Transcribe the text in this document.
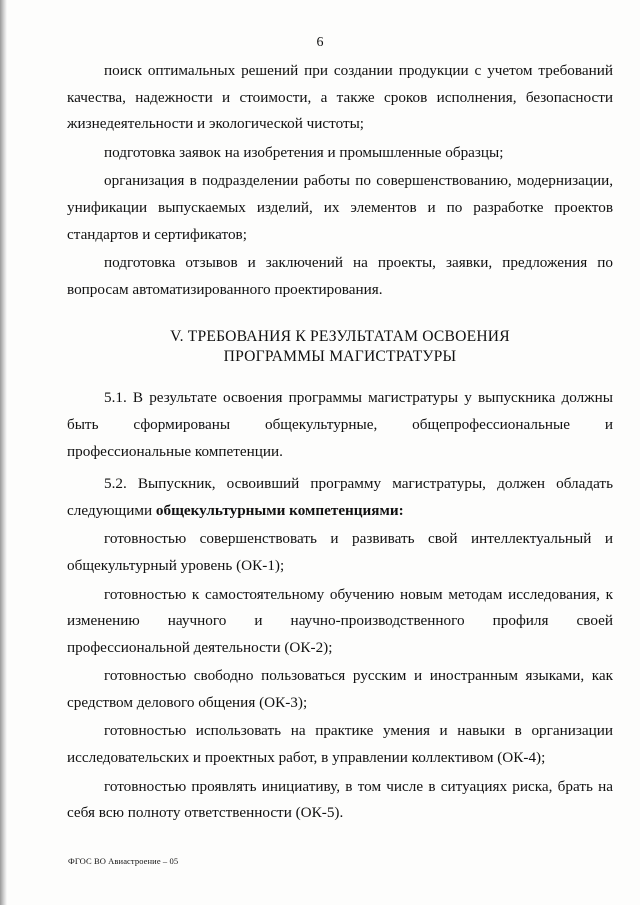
6

поиск оптимальных решений при создании продукции с учетом требований качества, надежности и стоимости, а также сроков исполнения, безопасности жизнедеятельности и экологической чистоты;

подготовка заявок на изобретения и промышленные образцы;

организация в подразделении работы по совершенствованию, модернизации, унификации выпускаемых изделий, их элементов и по разработке проектов стандартов и сертификатов;

подготовка отзывов и заключений на проекты, заявки, предложения по вопросам автоматизированного проектирования.

V. ТРЕБОВАНИЯ К РЕЗУЛЬТАТАМ ОСВОЕНИЯ
ПРОГРАММЫ МАГИСТРАТУРЫ

5.1. В результате освоения программы магистратуры у выпускника должны быть сформированы общекультурные, общепрофессиональные и профессиональные компетенции.

5.2. Выпускник, освоивший программу магистратуры, должен обладать следующими общекультурными компетенциями:

готовностью совершенствовать и развивать свой интеллектуальный и общекультурный уровень (ОК-1);

готовностью к самостоятельному обучению новым методам исследования, к изменению научного и научно-производственного профиля своей профессиональной деятельности (ОК-2);

готовностью свободно пользоваться русским и иностранным языками, как средством делового общения (ОК-3);

готовностью использовать на практике умения и навыки в организации исследовательских и проектных работ, в управлении коллективом (ОК-4);

готовностью проявлять инициативу, в том числе в ситуациях риска, брать на себя всю полноту ответственности (ОК-5).

ФГОС ВО Авиастроение – 05
